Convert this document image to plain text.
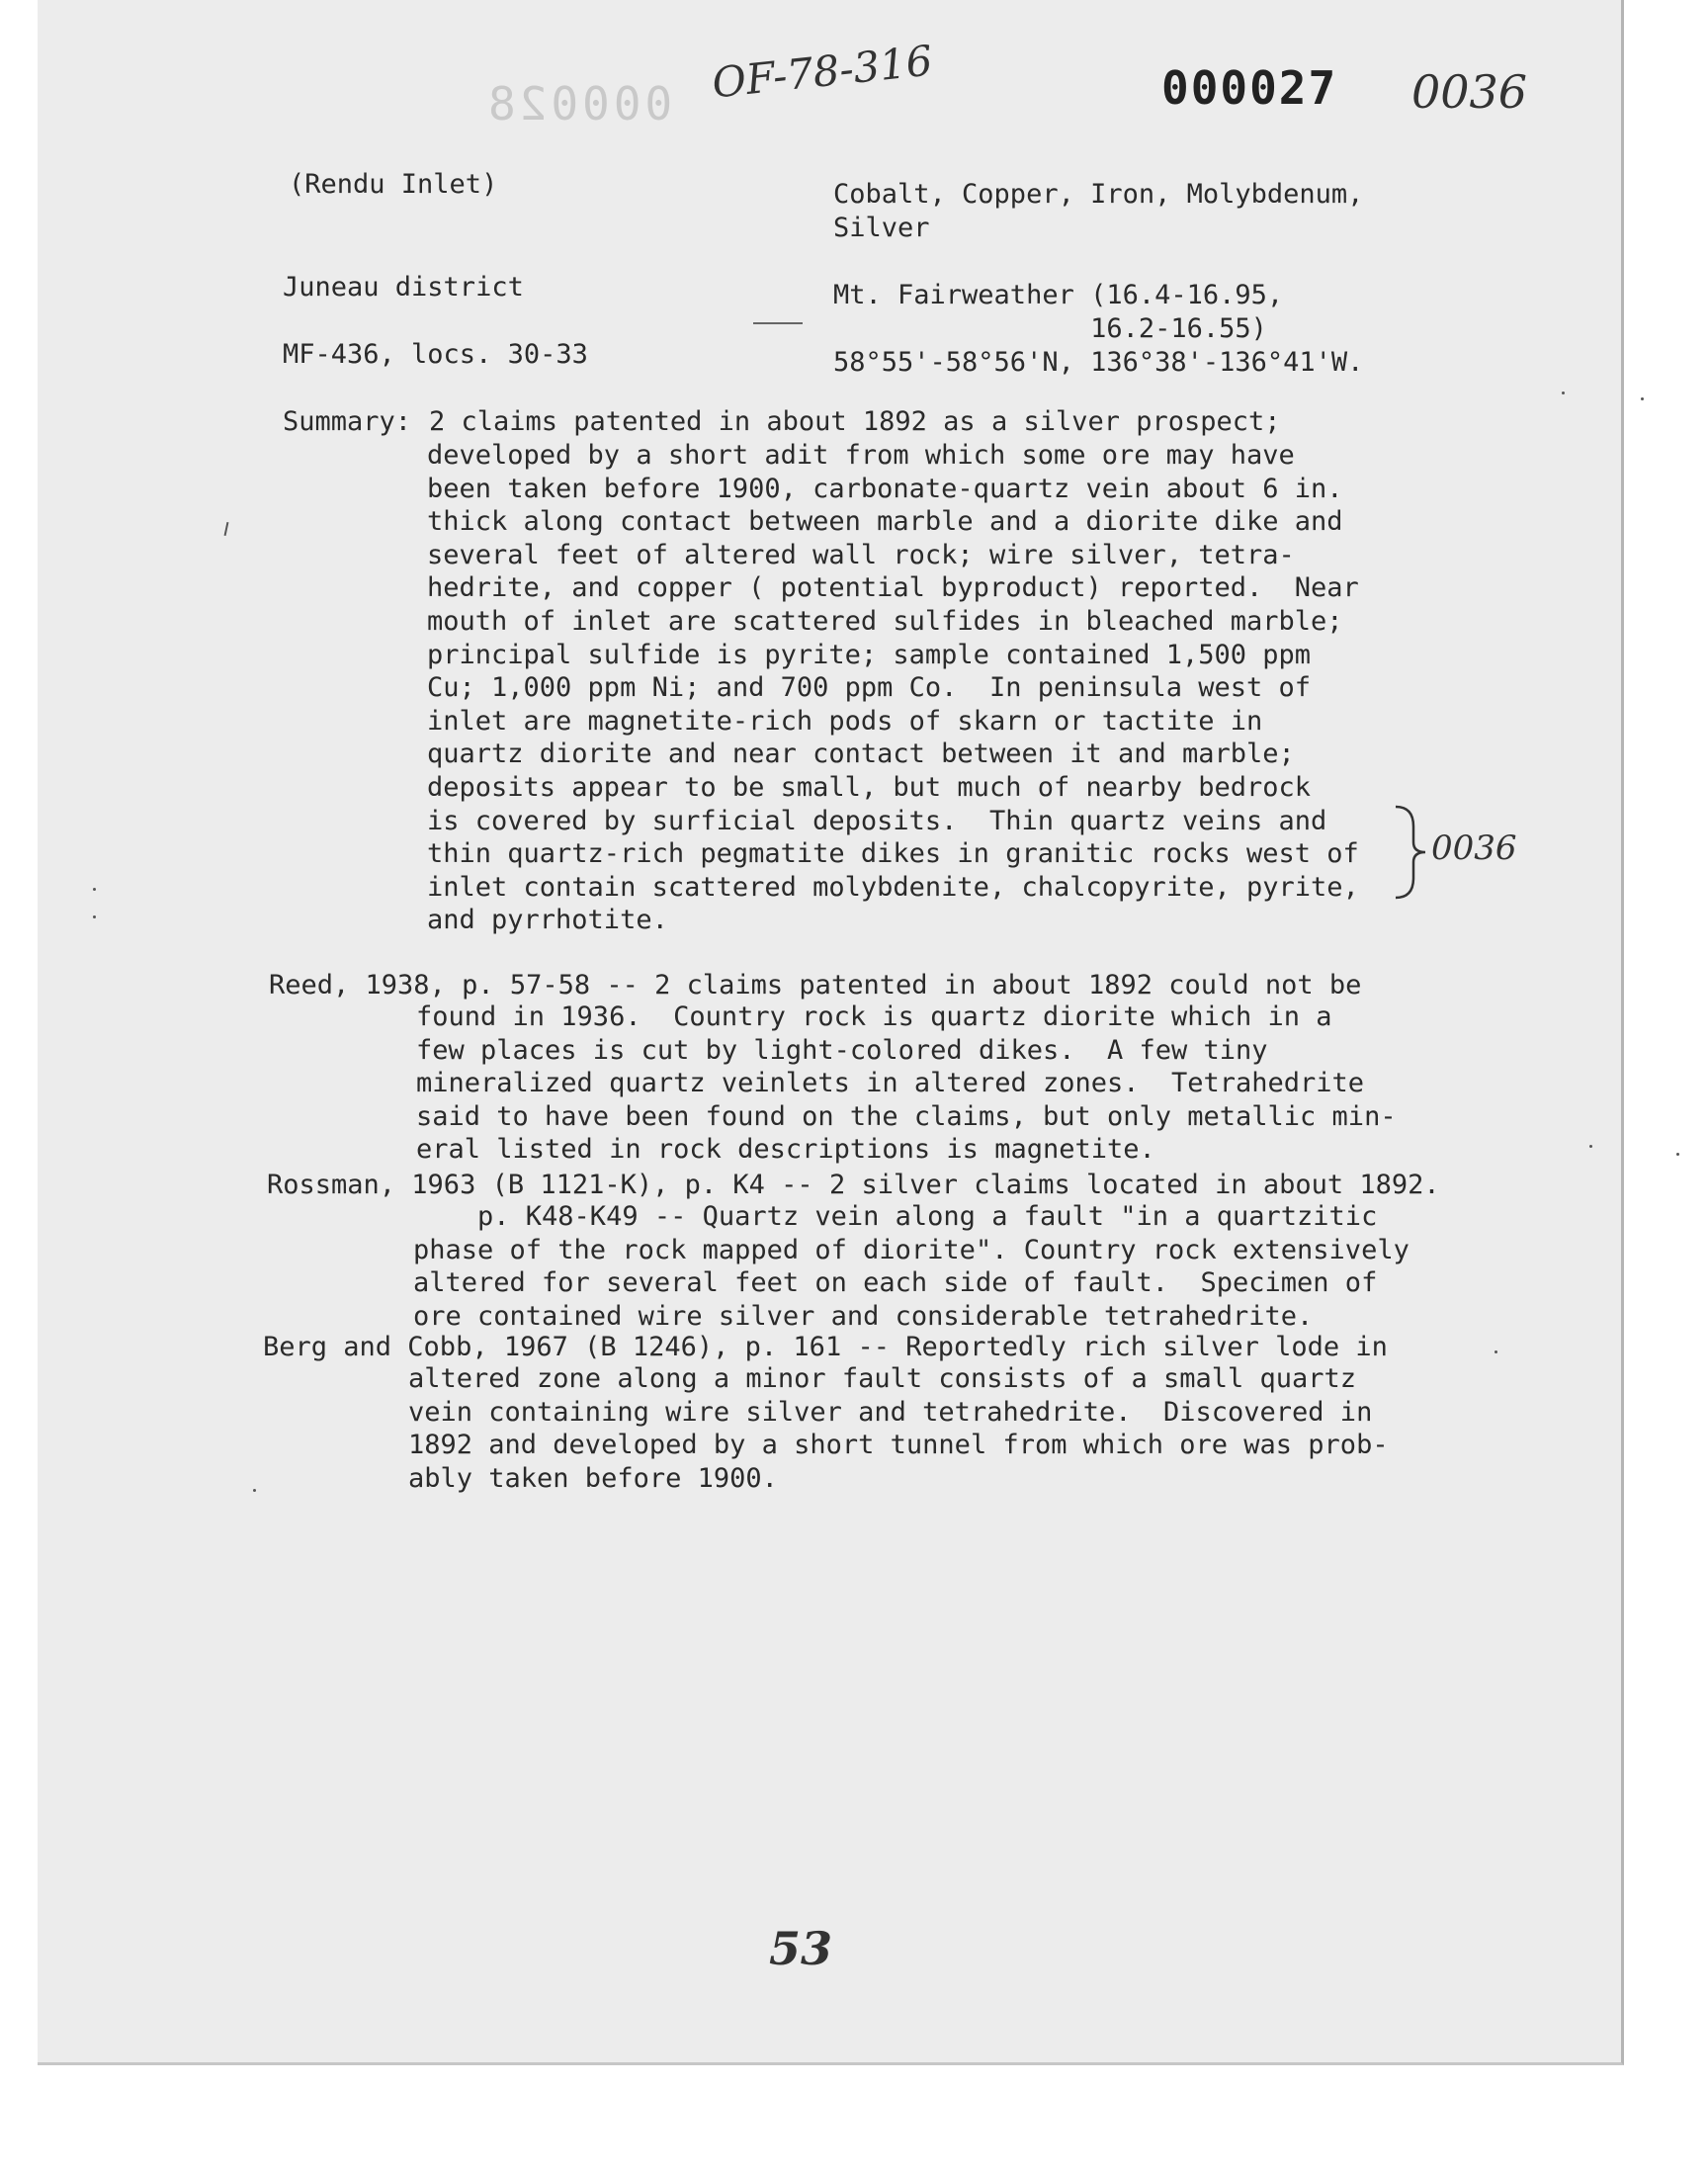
000028 OF-78-316	000027 0036
(Rendu Inlet)	Cobalt, Copper, Iron, Molybdenum,
Silver
Juneau district	Mt. Fairweather (16.4-16.95,
16.2-16.55)
MF-436, locs. 30-33	58°55'-58°56'N, 136°38'-136°41'W.
Summary: 2 claims patented in about 1892 as a silver prospect;
developed by a short adit from which some ore may have
been taken before 1900, carbonate-quartz vein about 6 in.
thick along contact between marble and a diorite dike and
several feet of altered wall rock; wire silver, tetra-
hedrite, and copper ( potential byproduct) reported.  Near
mouth of inlet are scattered sulfides in bleached marble;
principal sulfide is pyrite; sample contained 1,500 ppm
Cu; 1,000 ppm Ni; and 700 ppm Co.  In peninsula west of
inlet are magnetite-rich pods of skarn or tactite in
quartz diorite and near contact between it and marble;
deposits appear to be small, but much of nearby bedrock
is covered by surficial deposits.  Thin quartz veins and
thin quartz-rich pegmatite dikes in granitic rocks west of
inlet contain scattered molybdenite, chalcopyrite, pyrite,
and pyrrhotite.
0036
Reed, 1938, p. 57-58 -- 2 claims patented in about 1892 could not be
found in 1936.  Country rock is quartz diorite which in a
few places is cut by light-colored dikes.  A few tiny
mineralized quartz veinlets in altered zones.  Tetrahedrite
said to have been found on the claims, but only metallic min-
eral listed in rock descriptions is magnetite.
Rossman, 1963 (B 1121-K), p. K4 -- 2 silver claims located in about 1892.
p. K48-K49 -- Quartz vein along a fault "in a quartzitic
phase of the rock mapped of diorite". Country rock extensively
altered for several feet on each side of fault.  Specimen of
ore contained wire silver and considerable tetrahedrite.
Berg and Cobb, 1967 (B 1246), p. 161 -- Reportedly rich silver lode in
altered zone along a minor fault consists of a small quartz
vein containing wire silver and tetrahedrite.  Discovered in
1892 and developed by a short tunnel from which ore was prob-
ably taken before 1900.
53
